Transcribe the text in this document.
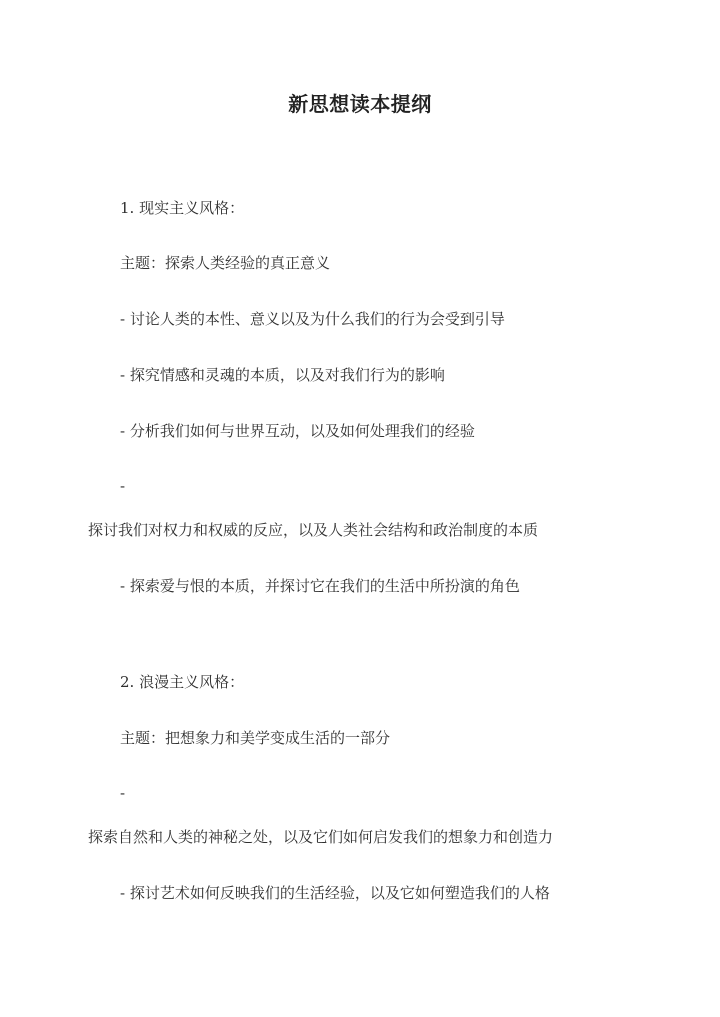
新思想读本提纲
1. 现实主义风格：
主题：探索人类经验的真正意义
- 讨论人类的本性、意义以及为什么我们的行为会受到引导
- 探究情感和灵魂的本质，以及对我们行为的影响
- 分析我们如何与世界互动，以及如何处理我们的经验
-
探讨我们对权力和权威的反应，以及人类社会结构和政治制度的本质
- 探索爱与恨的本质，并探讨它在我们的生活中所扮演的角色
2. 浪漫主义风格：
主题：把想象力和美学变成生活的一部分
-
探索自然和人类的神秘之处，以及它们如何启发我们的想象力和创造力
- 探讨艺术如何反映我们的生活经验，以及它如何塑造我们的人格
